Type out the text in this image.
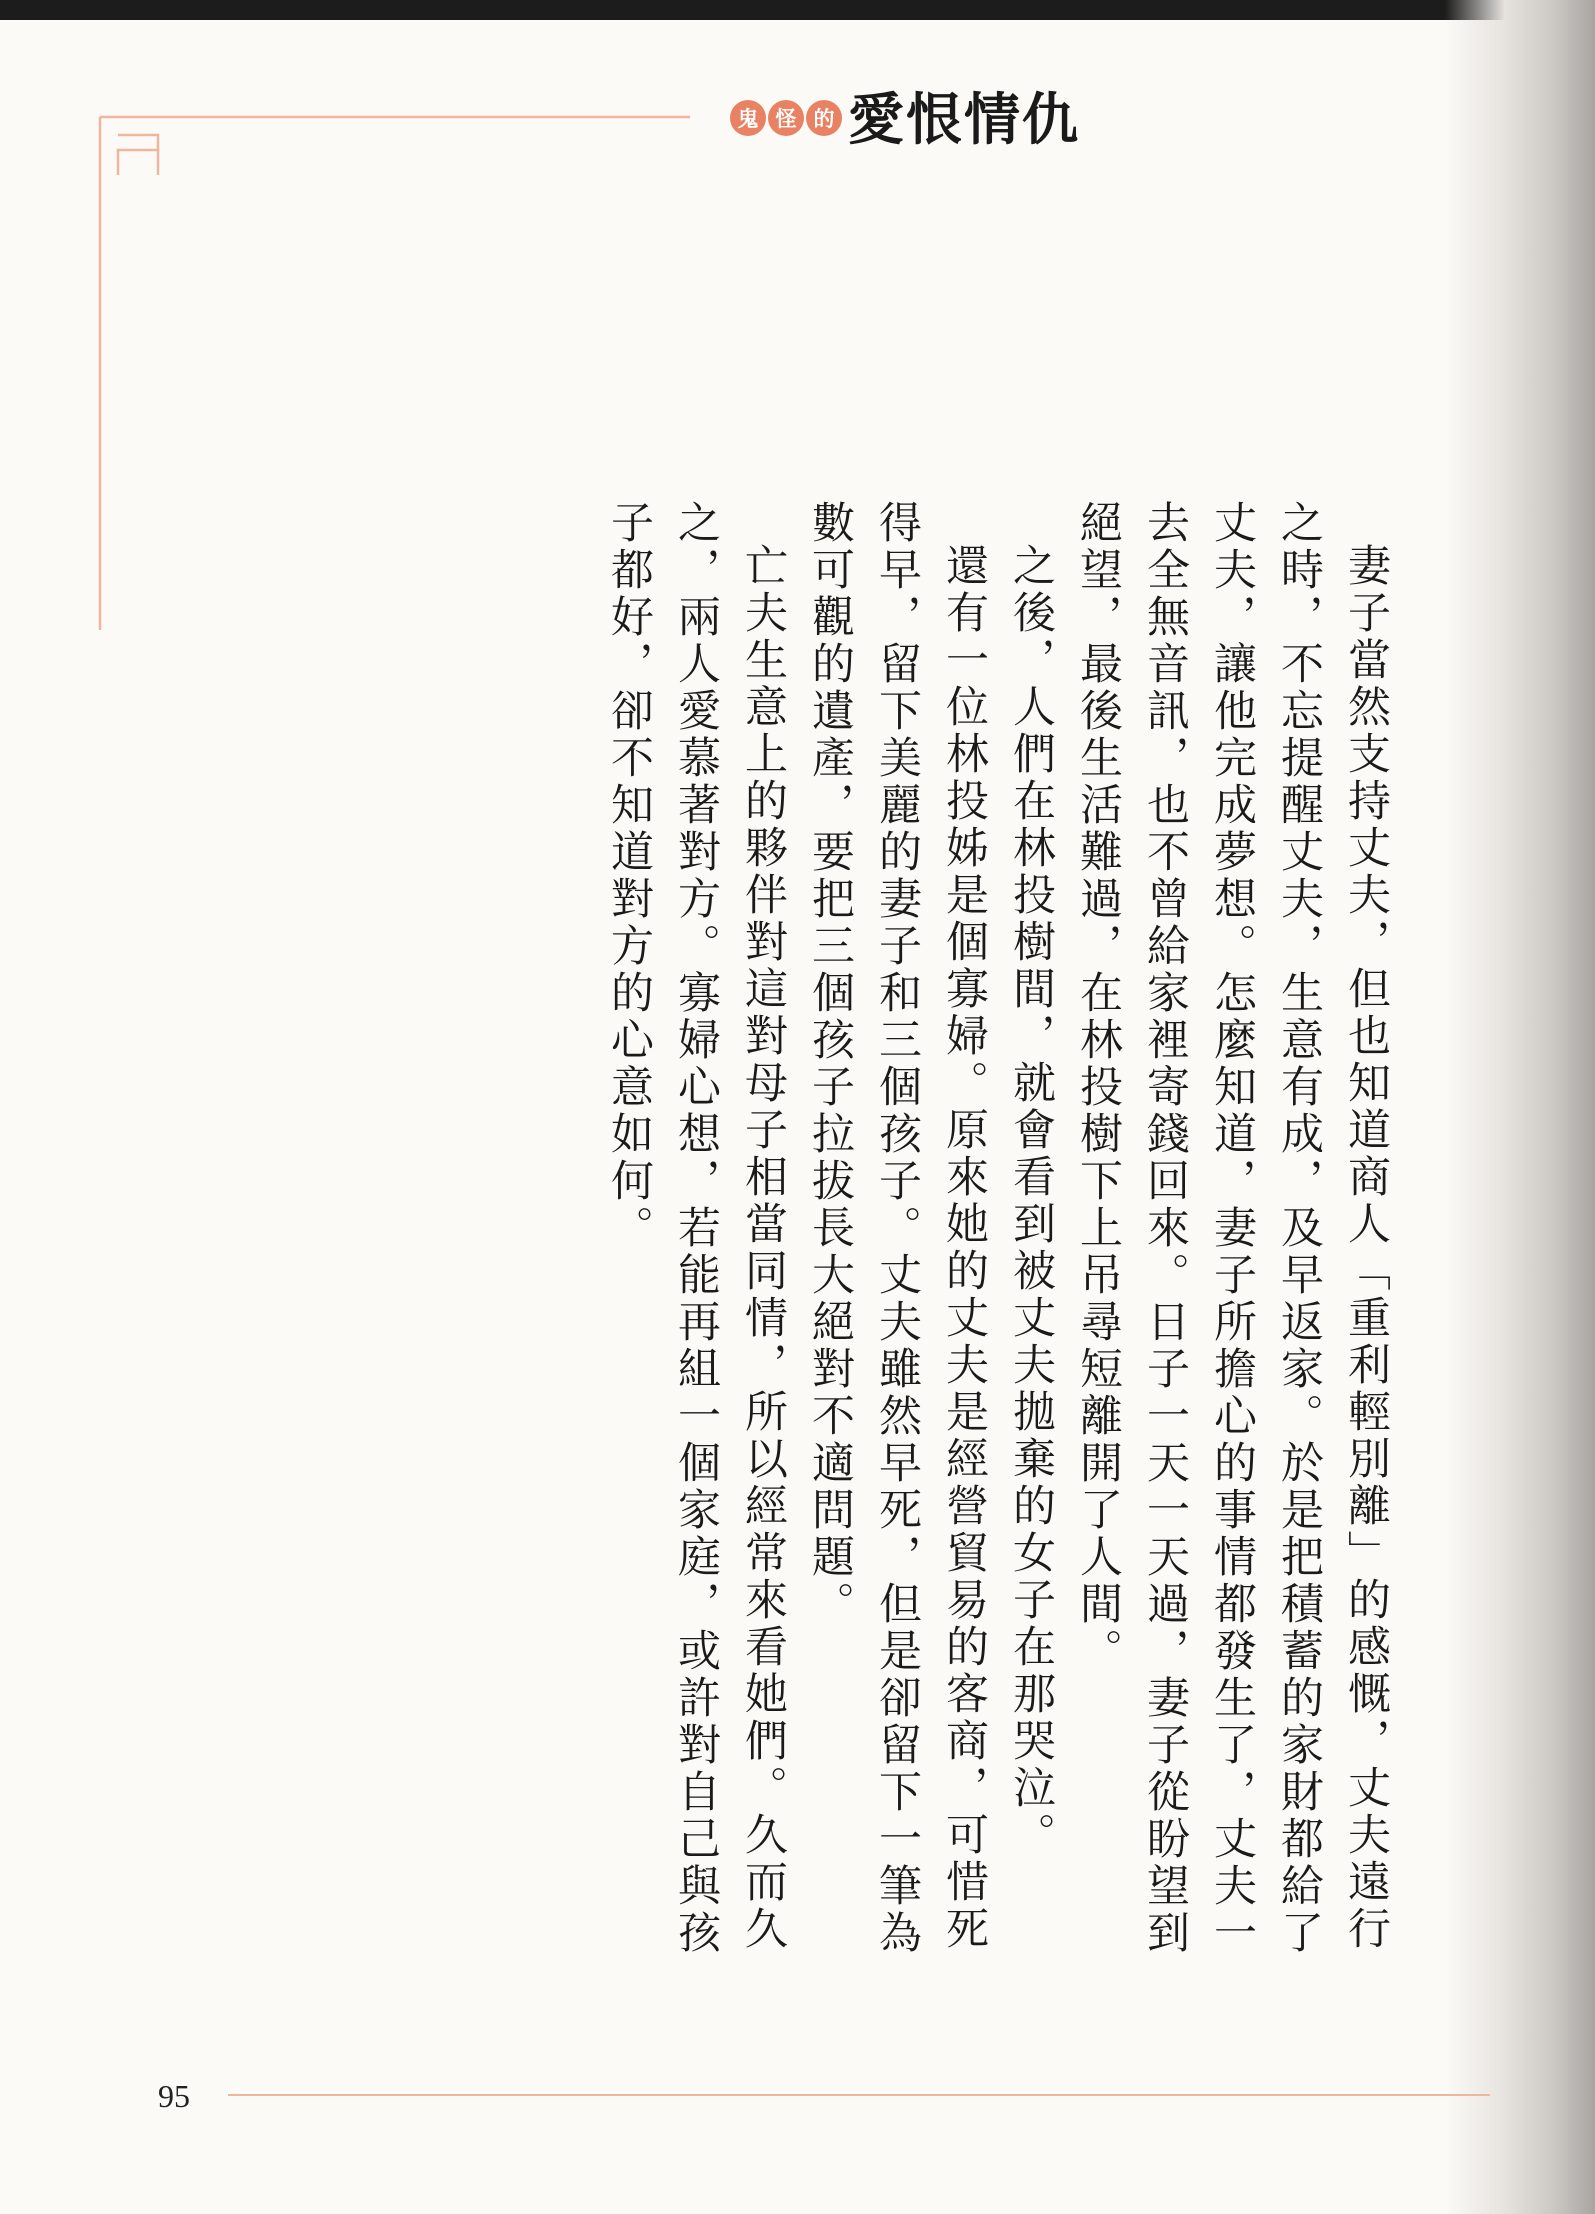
鬼 怪 的 愛恨情仇

妻子當然支持丈夫，但也知道商人「重利輕別離」的感慨，丈夫遠行之時，不忘提醒丈夫，生意有成，及早返家。於是把積蓄的家財都給了丈夫，讓他完成夢想。怎麼知道，妻子所擔心的事情都發生了，丈夫一去全無音訊，也不曾給家裡寄錢回來。日子一天一天過，妻子從盼望到絕望，最後生活難過，在林投樹下上吊尋短離開了人間。

之後，人們在林投樹間，就會看到被丈夫拋棄的女子在那哭泣。

還有一位林投姊是個寡婦。原來她的丈夫是經營貿易的客商，可惜死得早，留下美麗的妻子和三個孩子。丈夫雖然早死，但是卻留下一筆為數可觀的遺產，要把三個孩子拉拔長大絕對不適問題。

亡夫生意上的夥伴對這對母子相當同情，所以經常來看她們。久而久之，兩人愛慕著對方。寡婦心想，若能再組一個家庭，或許對自己與孩子都好，卻不知道對方的心意如何。

95
